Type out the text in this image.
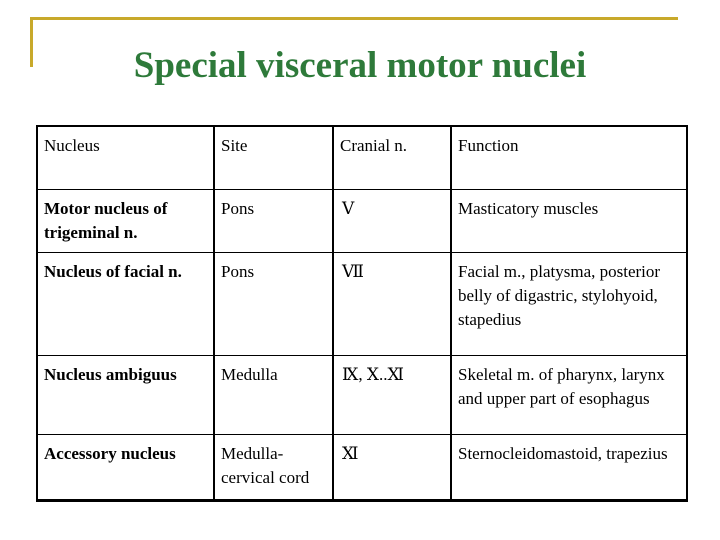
Special visceral motor nuclei
Nucleus	Site	Cranial n.	Function
Motor nucleus of trigeminal n.	Pons	Ⅴ	Masticatory muscles
Nucleus of facial n.	Pons	Ⅶ	Facial m., platysma, posterior belly of digastric, stylohyoid, stapedius
Nucleus ambiguus	Medulla	Ⅸ, Ⅹ..Ⅺ	Skeletal m. of pharynx, larynx and upper part of esophagus
Accessory nucleus	Medulla-cervical cord	Ⅺ	Sternocleidomastoid, trapezius
